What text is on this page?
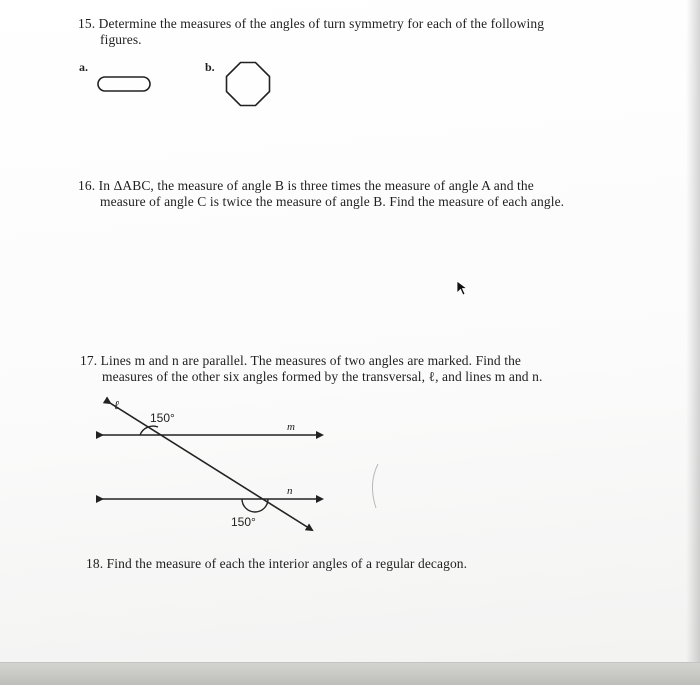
15. Determine the measures of the angles of turn symmetry for each of the following
figures.
a.	b.
16. In ΔABC, the measure of angle B is three times the measure of angle A and the
measure of angle C is twice the measure of angle B. Find the measure of each angle.
17. Lines m and n are parallel. The measures of two angles are marked. Find the
measures of the other six angles formed by the transversal, ℓ, and lines m and n.
ℓ
m
n
150°
150°
18. Find the measure of each the interior angles of a regular decagon.
